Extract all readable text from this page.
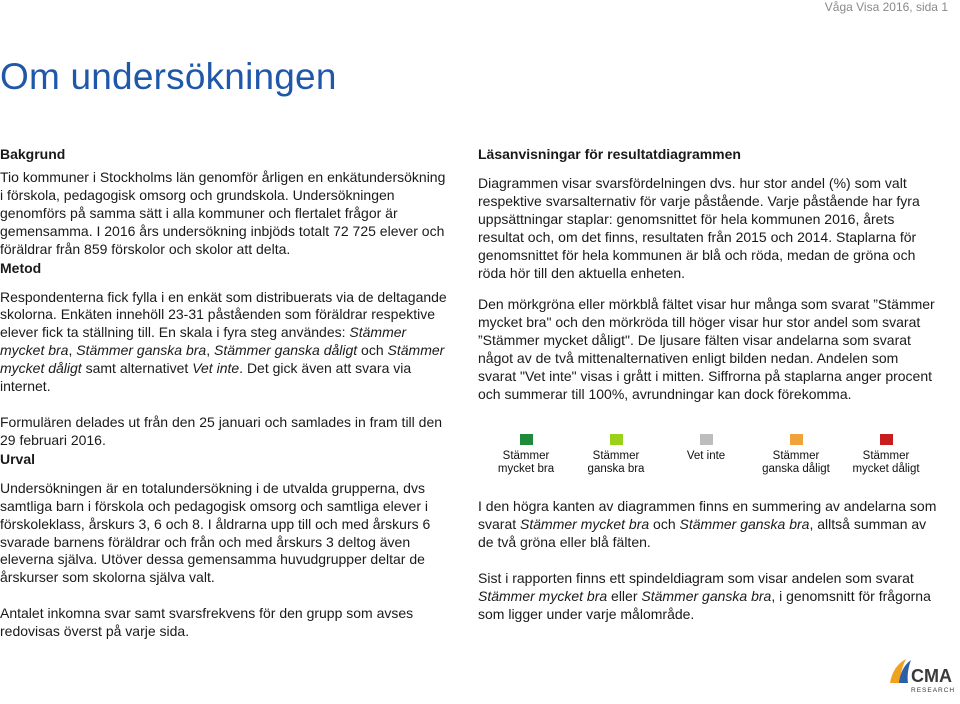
Våga Visa 2016, sida 1
Om undersökningen
Bakgrund

Tio kommuner i Stockholms län genomför årligen en enkätundersökning i förskola, pedagogisk omsorg och grundskola. Undersökningen genomförs på samma sätt i alla kommuner och flertalet frågor är gemensamma. I 2016 års undersökning inbjöds totalt 72 725 elever och föräldrar från 859 förskolor och skolor att delta.

Metod

Respondenterna fick fylla i en enkät som distribuerats via de deltagande skolorna. Enkäten innehöll 23-31 påståenden som föräldrar respektive elever fick ta ställning till. En skala i fyra steg användes: Stämmer mycket bra, Stämmer ganska bra, Stämmer ganska dåligt och Stämmer mycket dåligt samt alternativet Vet inte. Det gick även att svara via internet.

Formulären delades ut från den 25 januari och samlades in fram till den 29 februari 2016.

Urval

Undersökningen är en totalundersökning i de utvalda grupperna, dvs samtliga barn i förskola och pedagogisk omsorg och samtliga elever i förskoleklass, årskurs 3, 6 och 8. I åldrarna upp till och med årskurs 6 svarade barnens föräldrar och från och med årskurs 3 deltog även eleverna själva. Utöver dessa gemensamma huvudgrupper deltar de årskurser som skolorna själva valt.

Antalet inkomna svar samt svarsfrekvens för den grupp som avses redovisas överst på varje sida.

Läsanvisningar för resultatdiagrammen

Diagrammen visar svarsfördelningen dvs. hur stor andel (%) som valt respektive svarsalternativ för varje påstående. Varje påstående har fyra uppsättningar staplar: genomsnittet för hela kommunen 2016, årets resultat och, om det finns, resultaten från 2015 och 2014. Staplarna för genomsnittet för hela kommunen är blå och röda, medan de gröna och röda hör till den aktuella enheten.

Den mörkgröna eller mörkblå fältet visar hur många som svarat ”Stämmer mycket bra" och den mörkröda till höger visar hur stor andel som svarat ”Stämmer mycket dåligt". De ljusare fälten visar andelarna som svarat något av de två mittenalternativen enligt bilden nedan. Andelen som svarat "Vet inte" visas i grått i mitten. Siffrorna på staplarna anger procent och summerar till 100%, avrundningar kan dock förekomma.

Stämmer
mycket bra
Stämmer
ganska bra
Vet inte	Stämmer
ganska dåligt
Stämmer
mycket dåligt

I den högra kanten av diagrammen finns en summering av andelarna som svarat Stämmer mycket bra och Stämmer ganska bra, alltså summan av de två gröna eller blå fälten.

Sist i rapporten finns ett spindeldiagram som visar andelen som svarat Stämmer mycket bra eller Stämmer ganska bra, i genomsnitt för frågorna som ligger under varje målområde.

CMA
RESEARCH
